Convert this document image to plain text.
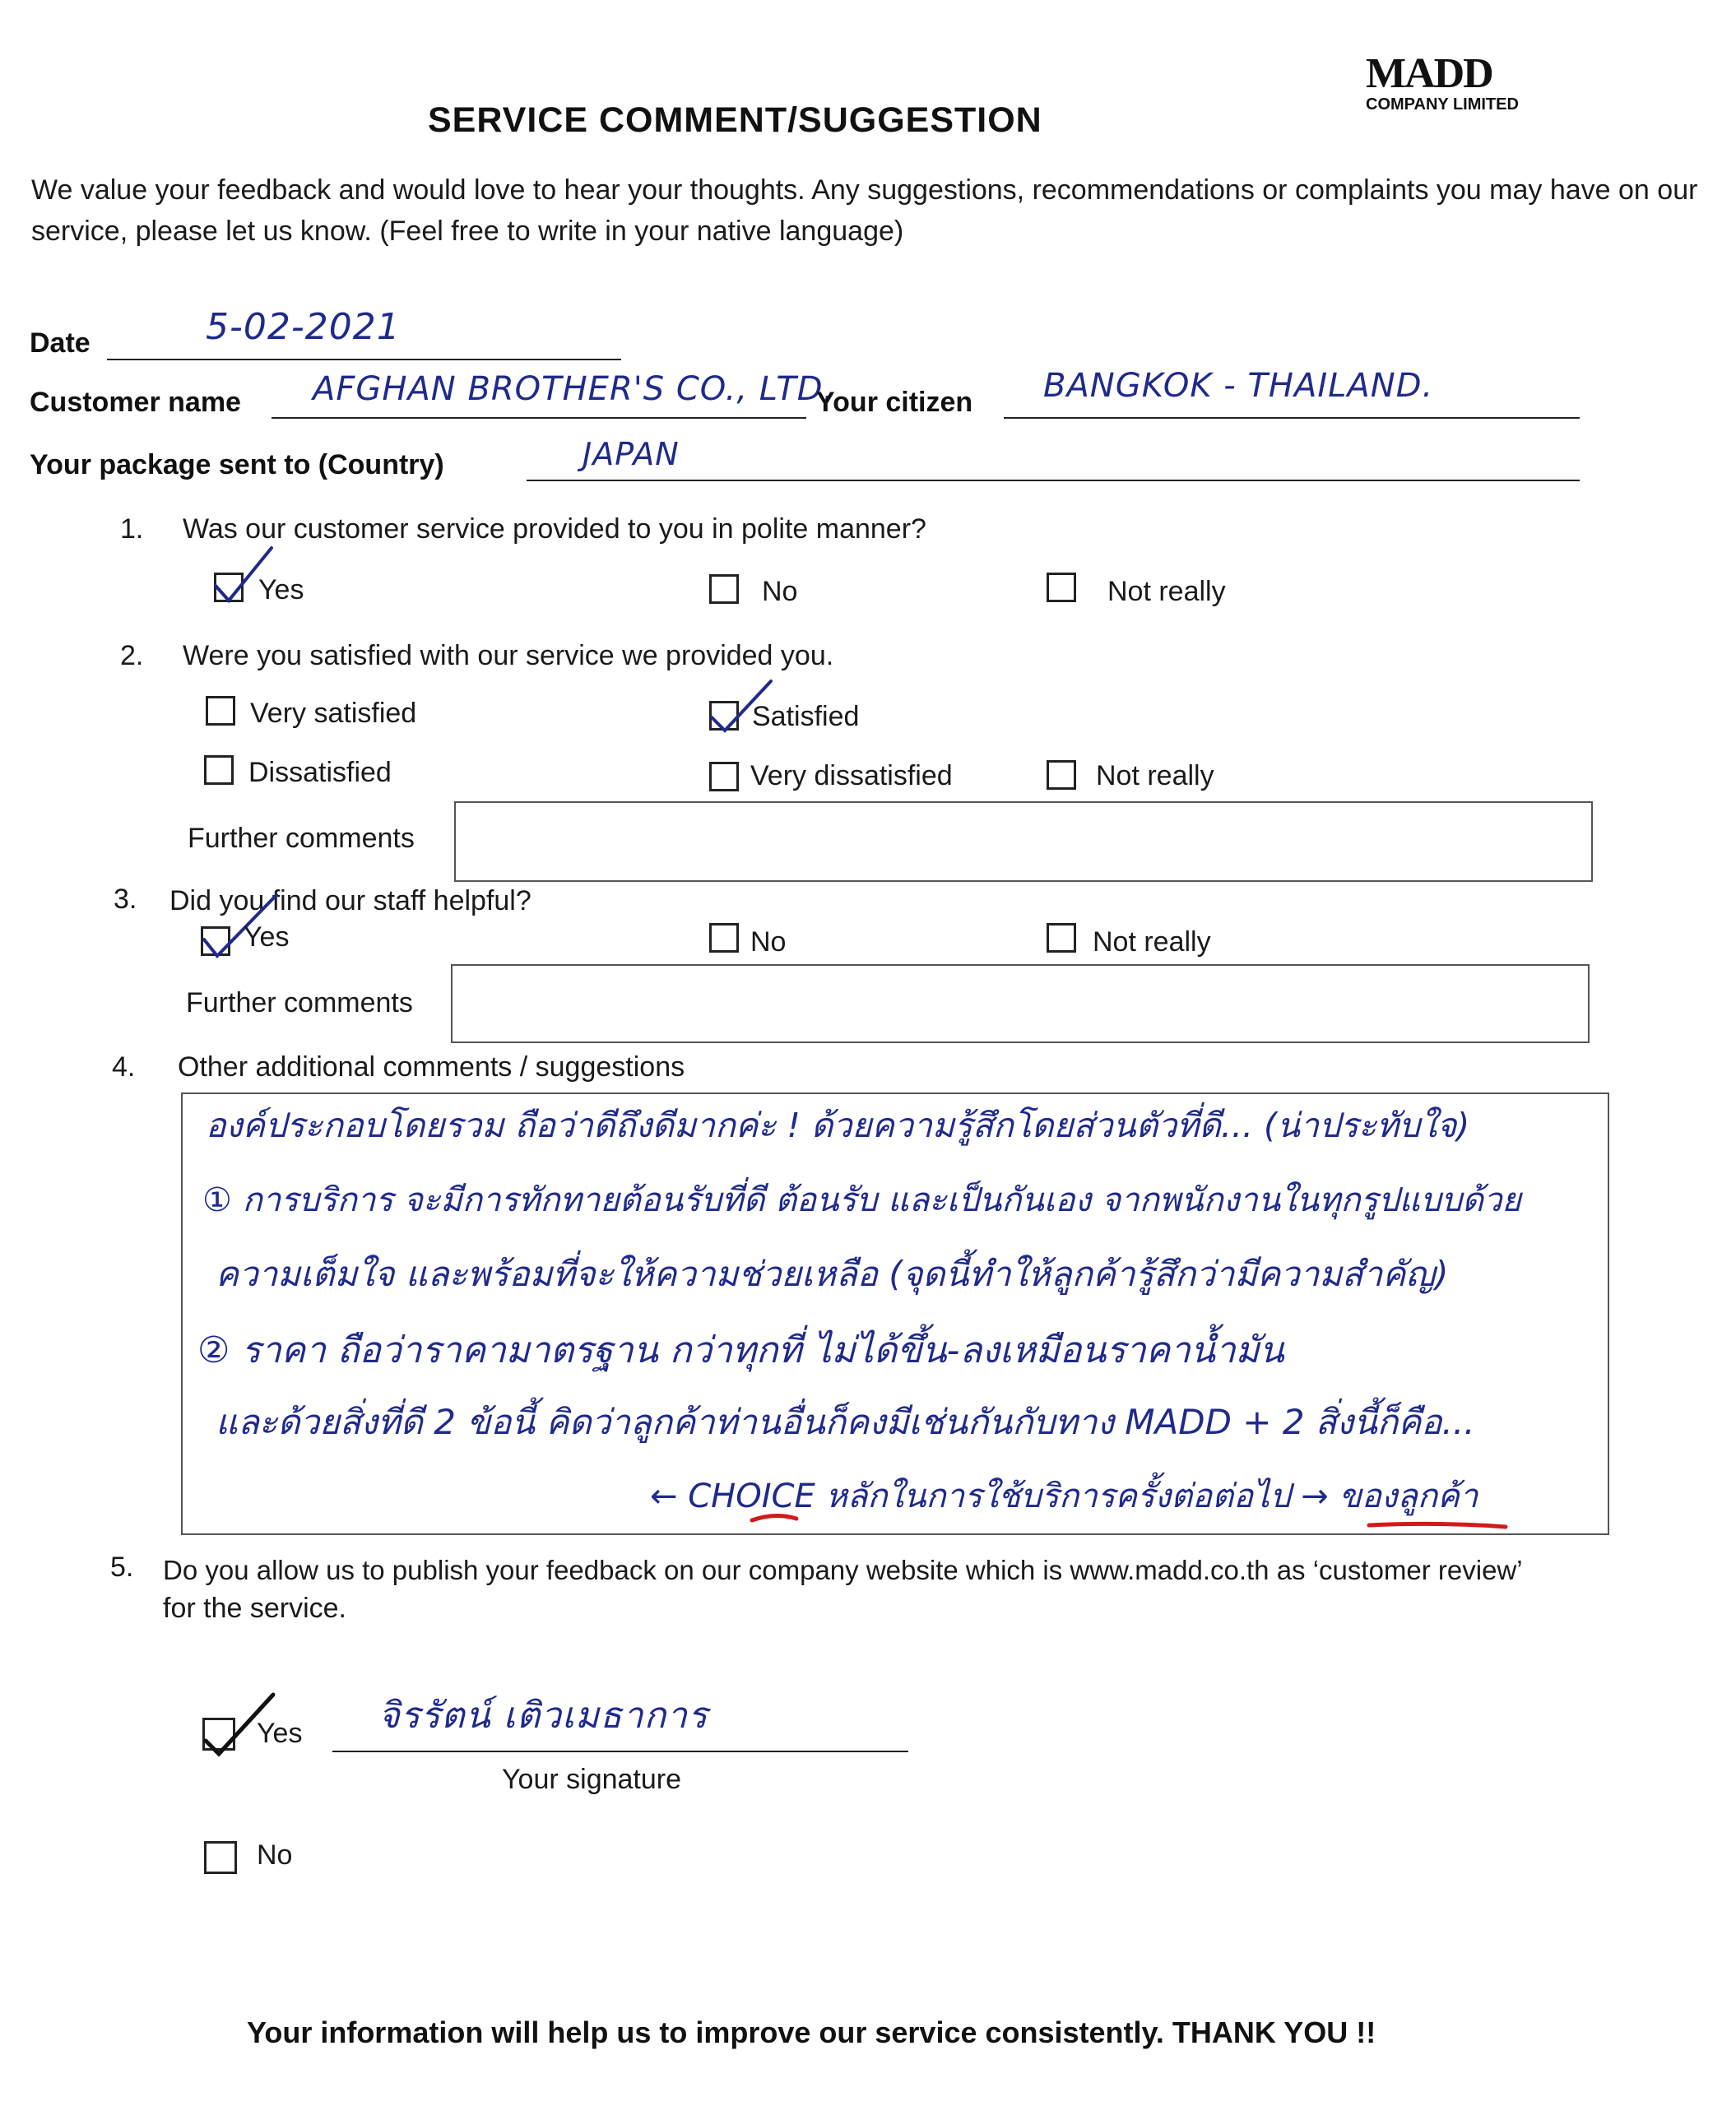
MADD
COMPANY LIMITED
SERVICE COMMENT/SUGGESTION
We value your feedback and would love to hear your thoughts. Any suggestions, recommendations or complaints you may have on our service, please let us know. (Feel free to write in your native language)
Date	5-02-2021
Customer name AFGHAN BROTHER'S CO., LTD.
Your citizen BANGKOK - THAILAND.
Your package sent to (Country)	JAPAN
1. Was our customer service provided to you in polite manner?
Yes	No	Not really
2. Were you satisfied with our service we provided you.
Very satisfied	Satisfied
Dissatisfied	Very dissatisfied	Not really
Further comments
3. Did you find our staff helpful?
Yes	No	Not really
Further comments
4. Other additional comments / suggestions
องค์ประกอบโดยรวม ถือว่าดีถึงดีมากค่ะ ! ด้วยความรู้สึกโดยส่วนตัวที่ดี... (น่าประทับใจ)
① การบริการ จะมีการทักทายต้อนรับที่ดี ต้อนรับ และเป็นกันเอง จากพนักงานในทุกรูปแบบด้วย
ความเต็มใจ และพร้อมที่จะให้ความช่วยเหลือ (จุดนี้ทำให้ลูกค้ารู้สึกว่ามีความสำคัญ)
② ราคา ถือว่าราคามาตรฐาน กว่าทุกที่ ไม่ได้ขึ้น-ลงเหมือนราคาน้ำมัน
และด้วยสิ่งที่ดี 2 ข้อนี้ คิดว่าลูกค้าท่านอื่นก็คงมีเช่นกันกับทาง MADD + 2 สิ่งนี้ก็คือ...
← CHOICE หลักในการใช้บริการครั้งต่อต่อไป → ของลูกค้า
5. Do you allow us to publish your feedback on our company website which is www.madd.co.th as ‘customer review’
for the service.
Yes จิรรัตน์ เติวเมธาการ
Your signature
No
Your information will help us to improve our service consistently. THANK YOU !!
